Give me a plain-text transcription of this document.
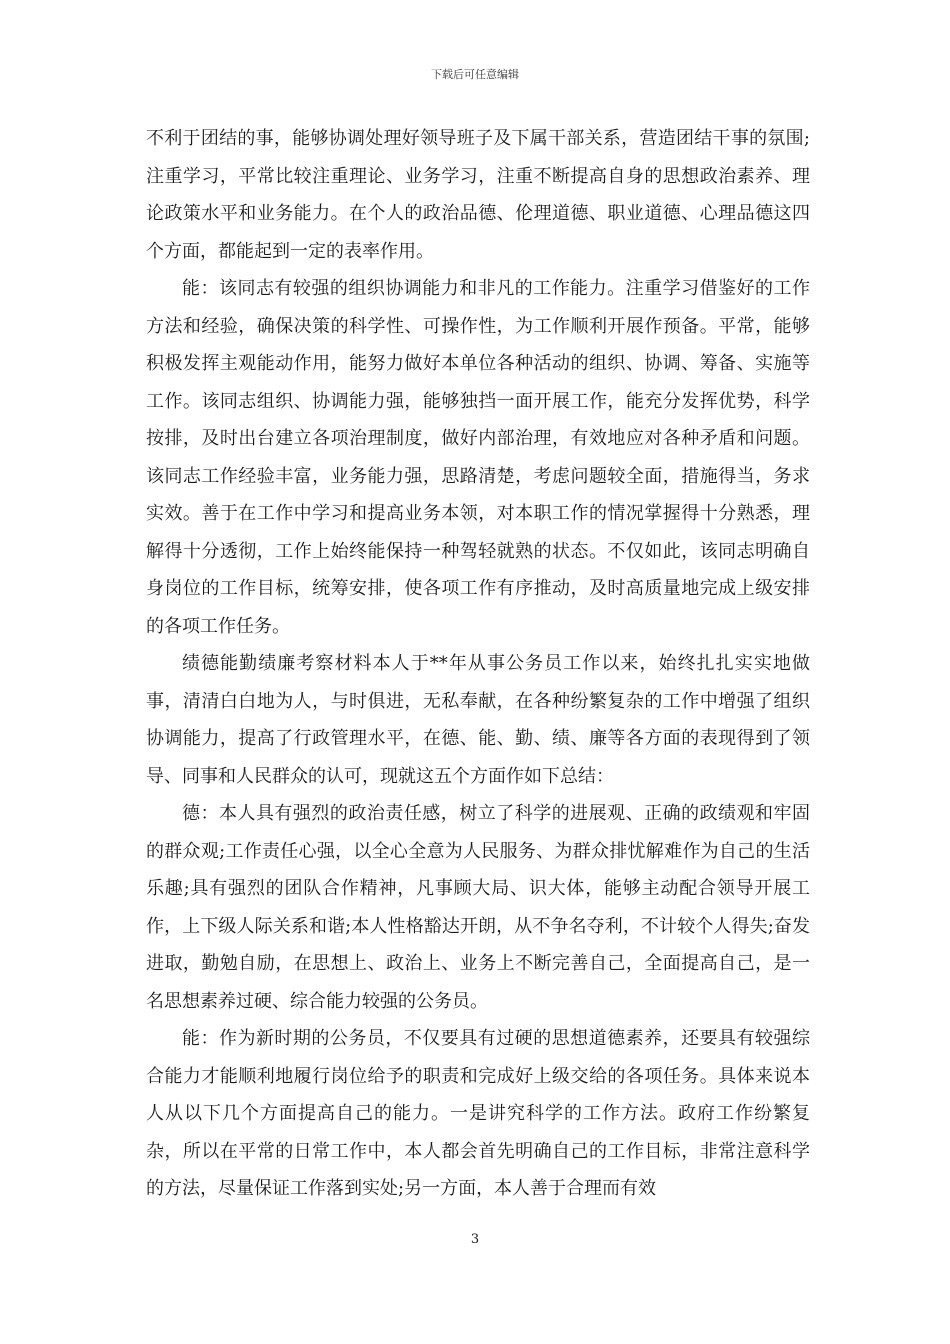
下载后可任意编辑

不利于团结的事，能够协调处理好领导班子及下属干部关系，营造团结干事的氛围;注重学习，平常比较注重理论、业务学习，注重不断提高自身的思想政治素养、理论政策水平和业务能力。在个人的政治品德、伦理道德、职业道德、心理品德这四个方面，都能起到一定的表率作用。

能：该同志有较强的组织协调能力和非凡的工作能力。注重学习借鉴好的工作方法和经验，确保决策的科学性、可操作性，为工作顺利开展作预备。平常，能够积极发挥主观能动作用，能努力做好本单位各种活动的组织、协调、筹备、实施等工作。该同志组织、协调能力强，能够独挡一面开展工作，能充分发挥优势，科学按排，及时出台建立各项治理制度，做好内部治理，有效地应对各种矛盾和问题。该同志工作经验丰富，业务能力强，思路清楚，考虑问题较全面，措施得当，务求实效。善于在工作中学习和提高业务本领，对本职工作的情况掌握得十分熟悉，理解得十分透彻，工作上始终能保持一种驾轻就熟的状态。不仅如此，该同志明确自身岗位的工作目标，统筹安排，使各项工作有序推动，及时高质量地完成上级安排的各项工作任务。

绩德能勤绩廉考察材料本人于**年从事公务员工作以来，始终扎扎实实地做事，清清白白地为人，与时俱进，无私奉献，在各种纷繁复杂的工作中增强了组织协调能力，提高了行政管理水平，在德、能、勤、绩、廉等各方面的表现得到了领导、同事和人民群众的认可，现就这五个方面作如下总结：

德：本人具有强烈的政治责任感，树立了科学的进展观、正确的政绩观和牢固的群众观;工作责任心强，以全心全意为人民服务、为群众排忧解难作为自己的生活乐趣;具有强烈的团队合作精神，凡事顾大局、识大体，能够主动配合领导开展工作，上下级人际关系和谐;本人性格豁达开朗，从不争名夺利，不计较个人得失;奋发进取，勤勉自励，在思想上、政治上、业务上不断完善自己，全面提高自己，是一名思想素养过硬、综合能力较强的公务员。

能：作为新时期的公务员，不仅要具有过硬的思想道德素养，还要具有较强综合能力才能顺利地履行岗位给予的职责和完成好上级交给的各项任务。具体来说本人从以下几个方面提高自己的能力。一是讲究科学的工作方法。政府工作纷繁复杂，所以在平常的日常工作中，本人都会首先明确自己的工作目标，非常注意科学的方法，尽量保证工作落到实处;另一方面，本人善于合理而有效

3
